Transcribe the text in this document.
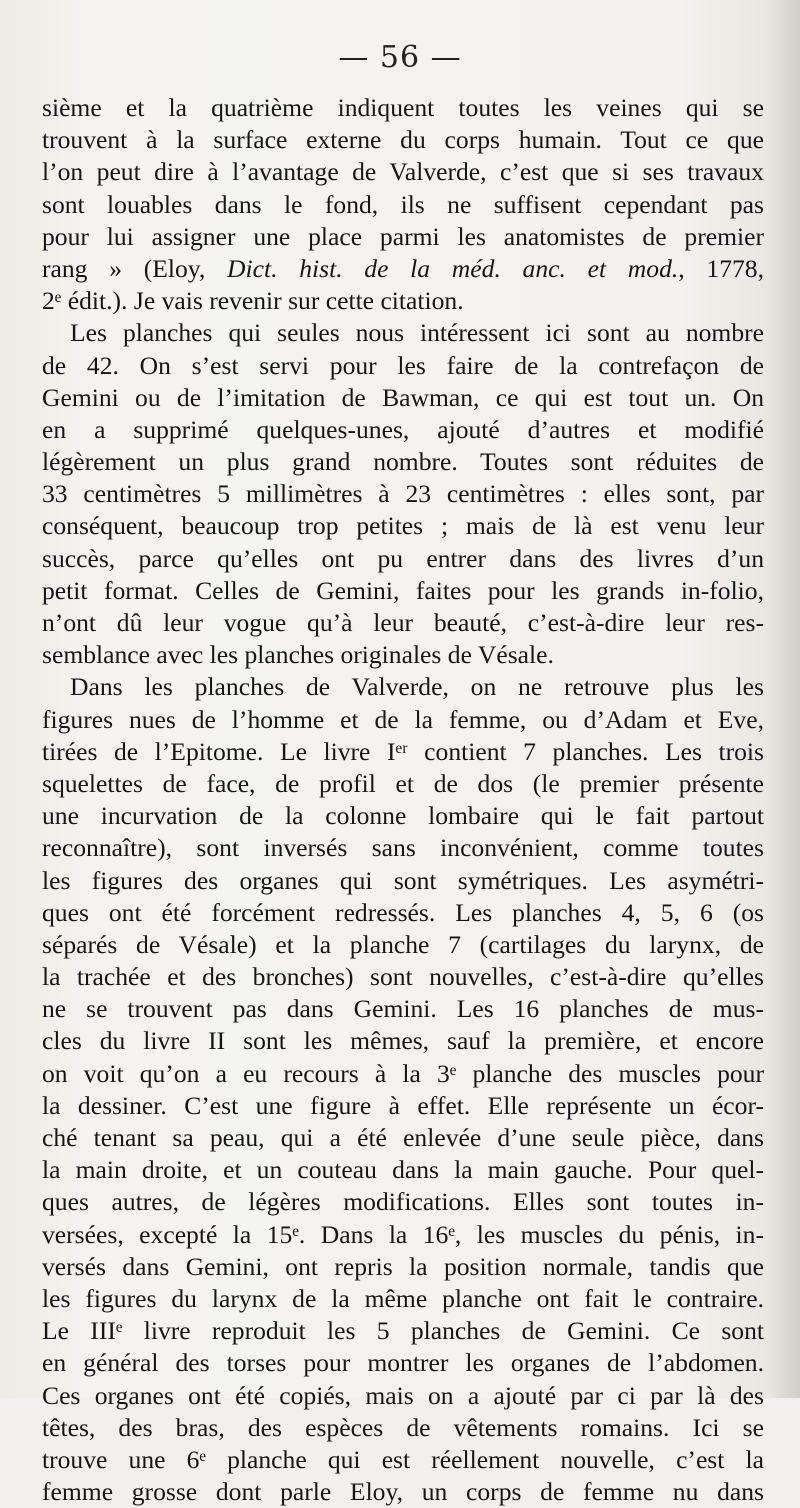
— 56 —
sième et la quatrième indiquent toutes les veines qui se
trouvent à la surface externe du corps humain. Tout ce que
l’on peut dire à l’avantage de Valverde, c’est que si ses travaux
sont louables dans le fond, ils ne suffisent cependant pas
pour lui assigner une place parmi les anatomistes de premier
rang » (Eloy, Dict. hist. de la méd. anc. et mod., 1778,
2ᵉ édit.). Je vais revenir sur cette citation.
Les planches qui seules nous intéressent ici sont au nombre
de 42. On s’est servi pour les faire de la contrefaçon de
Gemini ou de l’imitation de Bawman, ce qui est tout un. On
en a supprimé quelques-unes, ajouté d’autres et modifié
légèrement un plus grand nombre. Toutes sont réduites de
33 centimètres 5 millimètres à 23 centimètres : elles sont, par
conséquent, beaucoup trop petites ; mais de là est venu leur
succès, parce qu’elles ont pu entrer dans des livres d’un
petit format. Celles de Gemini, faites pour les grands in-folio,
n’ont dû leur vogue qu’à leur beauté, c’est-à-dire leur res-
semblance avec les planches originales de Vésale.
Dans les planches de Valverde, on ne retrouve plus les
figures nues de l’homme et de la femme, ou d’Adam et Eve,
tirées de l’Epitome. Le livre Iᵉʳ contient 7 planches. Les trois
squelettes de face, de profil et de dos (le premier présente
une incurvation de la colonne lombaire qui le fait partout
reconnaître), sont inversés sans inconvénient, comme toutes
les figures des organes qui sont symétriques. Les asymétri-
ques ont été forcément redressés. Les planches 4, 5, 6 (os
séparés de Vésale) et la planche 7 (cartilages du larynx, de
la trachée et des bronches) sont nouvelles, c’est-à-dire qu’elles
ne se trouvent pas dans Gemini. Les 16 planches de mus-
cles du livre II sont les mêmes, sauf la première, et encore
on voit qu’on a eu recours à la 3ᵉ planche des muscles pour
la dessiner. C’est une figure à effet. Elle représente un écor-
ché tenant sa peau, qui a été enlevée d’une seule pièce, dans
la main droite, et un couteau dans la main gauche. Pour quel-
ques autres, de légères modifications. Elles sont toutes in-
versées, excepté la 15ᵉ. Dans la 16ᵉ, les muscles du pénis, in-
versés dans Gemini, ont repris la position normale, tandis que
les figures du larynx de la même planche ont fait le contraire.
Le IIIᵉ livre reproduit les 5 planches de Gemini. Ce sont
en général des torses pour montrer les organes de l’abdomen.
Ces organes ont été copiés, mais on a ajouté par ci par là des
têtes, des bras, des espèces de vêtements romains. Ici se
trouve une 6ᵉ planche qui est réellement nouvelle, c’est la
femme grosse dont parle Eloy, un corps de femme nu dans
